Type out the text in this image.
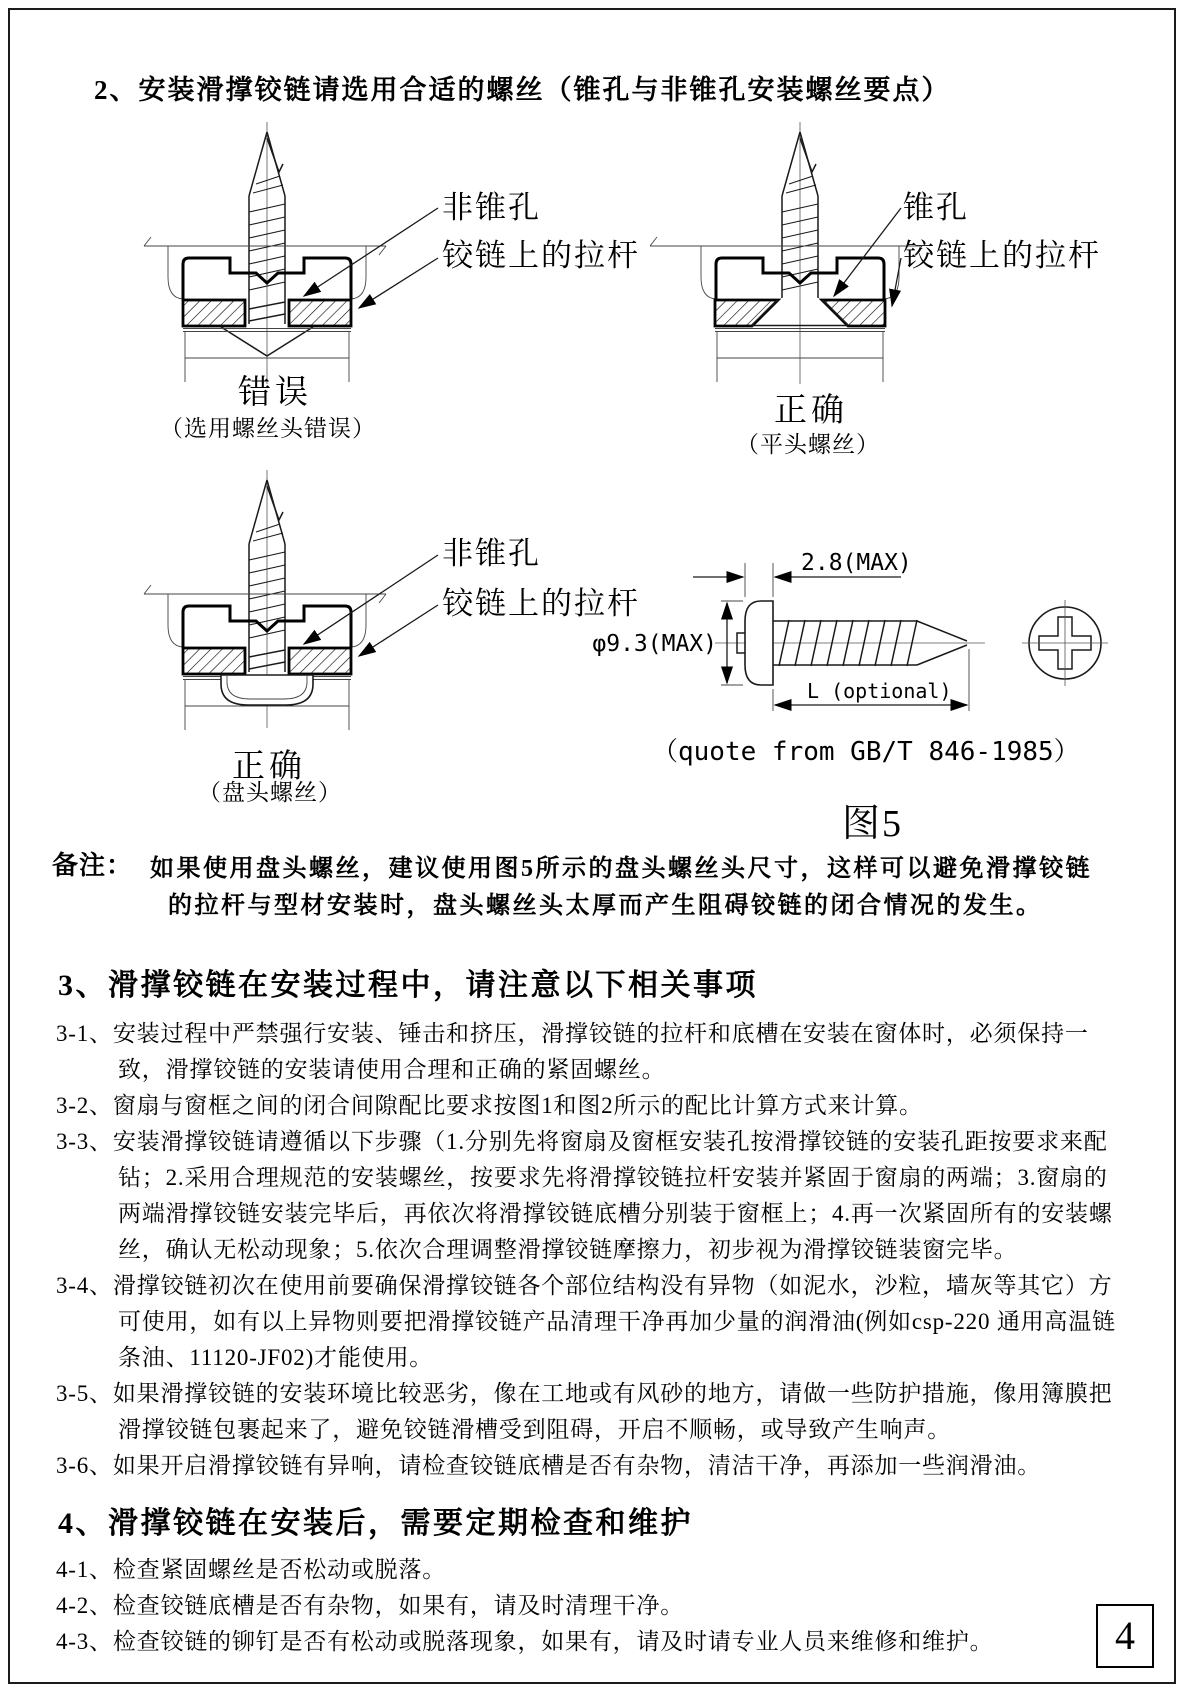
2、安装滑撑铰链请选用合适的螺丝（锥孔与非锥孔安装螺丝要点）
非锥孔
铰链上的拉杆
错误
（选用螺丝头错误）
锥孔
铰链上的拉杆
正确
（平头螺丝）
非锥孔
铰链上的拉杆
正确
（盘头螺丝）
2.8(MAX)
φ9.3(MAX)
L (optional)
（quote from GB/T 846-1985）
图5
备注： 如果使用盘头螺丝，建议使用图5所示的盘头螺丝头尺寸，这样可以避免滑撑铰链
的拉杆与型材安装时，盘头螺丝头太厚而产生阻碍铰链的闭合情况的发生。
3、滑撑铰链在安装过程中，请注意以下相关事项

3-1、安装过程中严禁强行安装、锤击和挤压，滑撑铰链的拉杆和底槽在安装在窗体时，必须保持一致，滑撑铰链的安装请使用合理和正确的紧固螺丝。

3-2、窗扇与窗框之间的闭合间隙配比要求按图1和图2所示的配比计算方式来计算。

3-3、安装滑撑铰链请遵循以下步骤（1.分别先将窗扇及窗框安装孔按滑撑铰链的安装孔距按要求来配钻；2.采用合理规范的安装螺丝，按要求先将滑撑铰链拉杆安装并紧固于窗扇的两端；3.窗扇的两端滑撑铰链安装完毕后，再依次将滑撑铰链底槽分别装于窗框上；4.再一次紧固所有的安装螺丝，确认无松动现象；5.依次合理调整滑撑铰链摩擦力，初步视为滑撑铰链装窗完毕。

3-4、滑撑铰链初次在使用前要确保滑撑铰链各个部位结构没有异物（如泥水，沙粒，墙灰等其它）方可使用，如有以上异物则要把滑撑铰链产品清理干净再加少量的润滑油(例如csp-220 通用高温链条油、11120-JF02)才能使用。

3-5、如果滑撑铰链的安装环境比较恶劣，像在工地或有风砂的地方，请做一些防护措施，像用簿膜把滑撑铰链包裹起来了，避免铰链滑槽受到阻碍，开启不顺畅，或导致产生响声。

3-6、如果开启滑撑铰链有异响，请检查铰链底槽是否有杂物，清洁干净，再添加一些润滑油。

4、滑撑铰链在安装后，需要定期检查和维护

4-1、检查紧固螺丝是否松动或脱落。

4-2、检查铰链底槽是否有杂物，如果有，请及时清理干净。

4-3、检查铰链的铆钉是否有松动或脱落现象，如果有，请及时请专业人员来维修和维护。	4
